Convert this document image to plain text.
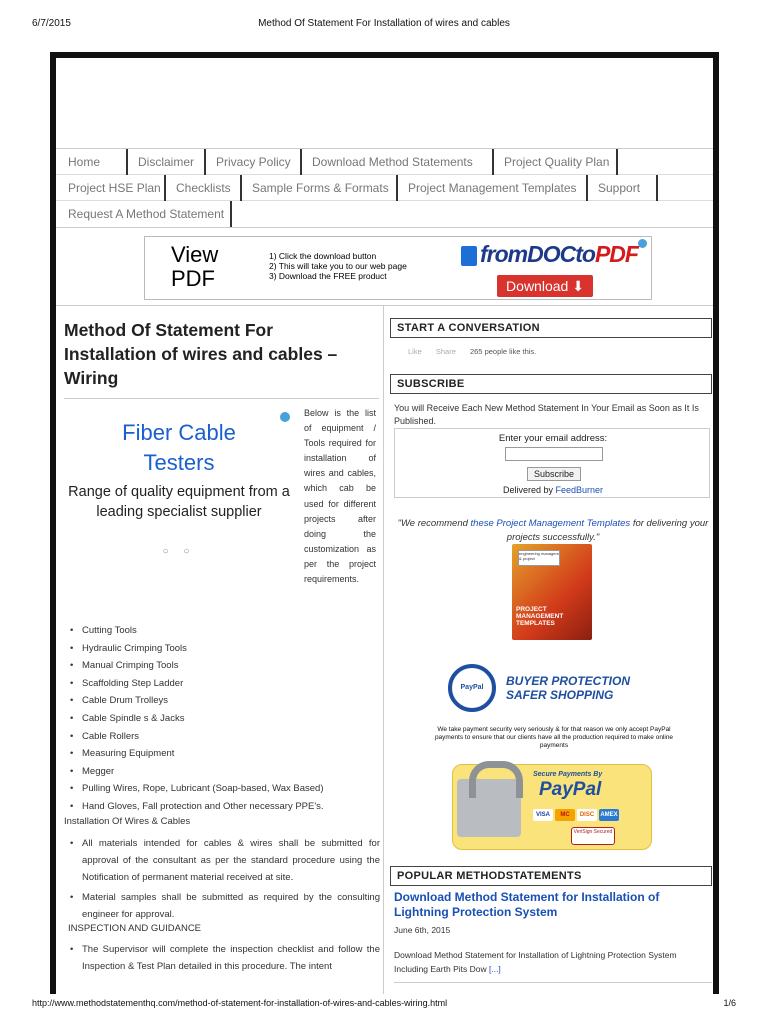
6/7/2015	Method Of Statement For Installation of wires and cables
Home	Disclaimer	Privacy Policy	Download Method Statements	Project Quality Plan
Project HSE Plan	Checklists	Sample Forms & Formats	Project Management Templates	Support
Request A Method Statement
View
PDF
1) Click the download button
2) This will take you to our web page
3) Download the FREE product
fromDOCtoPDF
Download ⬇
Method Of Statement For Installation of wires and cables – Wiring
Fiber Cable
Testers
Range of quality equipment from a leading specialist supplier
○ ○

Below is the list of equipment / Tools required for installation of wires and cables, which cab be used for different projects after doing the customization as per the project requirements.

• Cutting Tools
• Hydraulic Crimping Tools
• Manual Crimping Tools
• Scaffolding Step Ladder
• Cable Drum Trolleys
• Cable Spindle s & Jacks
• Cable Rollers
• Measuring Equipment
• Megger
• Pulling Wires, Rope, Lubricant (Soap-based, Wax Based)
• Hand Gloves, Fall protection and Other necessary PPE's.
Installation Of Wires & Cables
• All materials intended for cables & wires shall be submitted for approval of the consultant as per the standard procedure using the Notification of permanent material received at site.
• Material samples shall be submitted as required by the consulting engineer for approval.
INSPECTION AND GUIDANCE
• The Supervisor will complete the inspection checklist and follow the Inspection & Test Plan detailed in this procedure. The intent
START A CONVERSATION
Like Share 265 people like this.
SUBSCRIBE
You will Receive Each New Method Statement In Your Email as Soon as It Is Published.
Enter your email address:
Subscribe
Delivered by FeedBurner
"We recommend these Project Management Templates for delivering your projects successfully."
engineering managers & project
PROJECT MANAGEMENT TEMPLATES
PayPal	BUYER PROTECTION
SAFER SHOPPING
We take payment security very seriously & for that reason we only accept PayPal payments to ensure that our clients have all the production required to make online payments
Secure Payments By
PayPal
VISA MC DISC AMEX
VeriSign Secured
POPULAR METHODSTATEMENTS
Download Method Statement for Installation of Lightning Protection System
June 6th, 2015
Download Method Statement for Installation of Lightning Protection System Including Earth Pits Dow [...]
http://www.methodstatementhq.com/method-of-statement-for-installation-of-wires-and-cables-wiring.html	1/6
